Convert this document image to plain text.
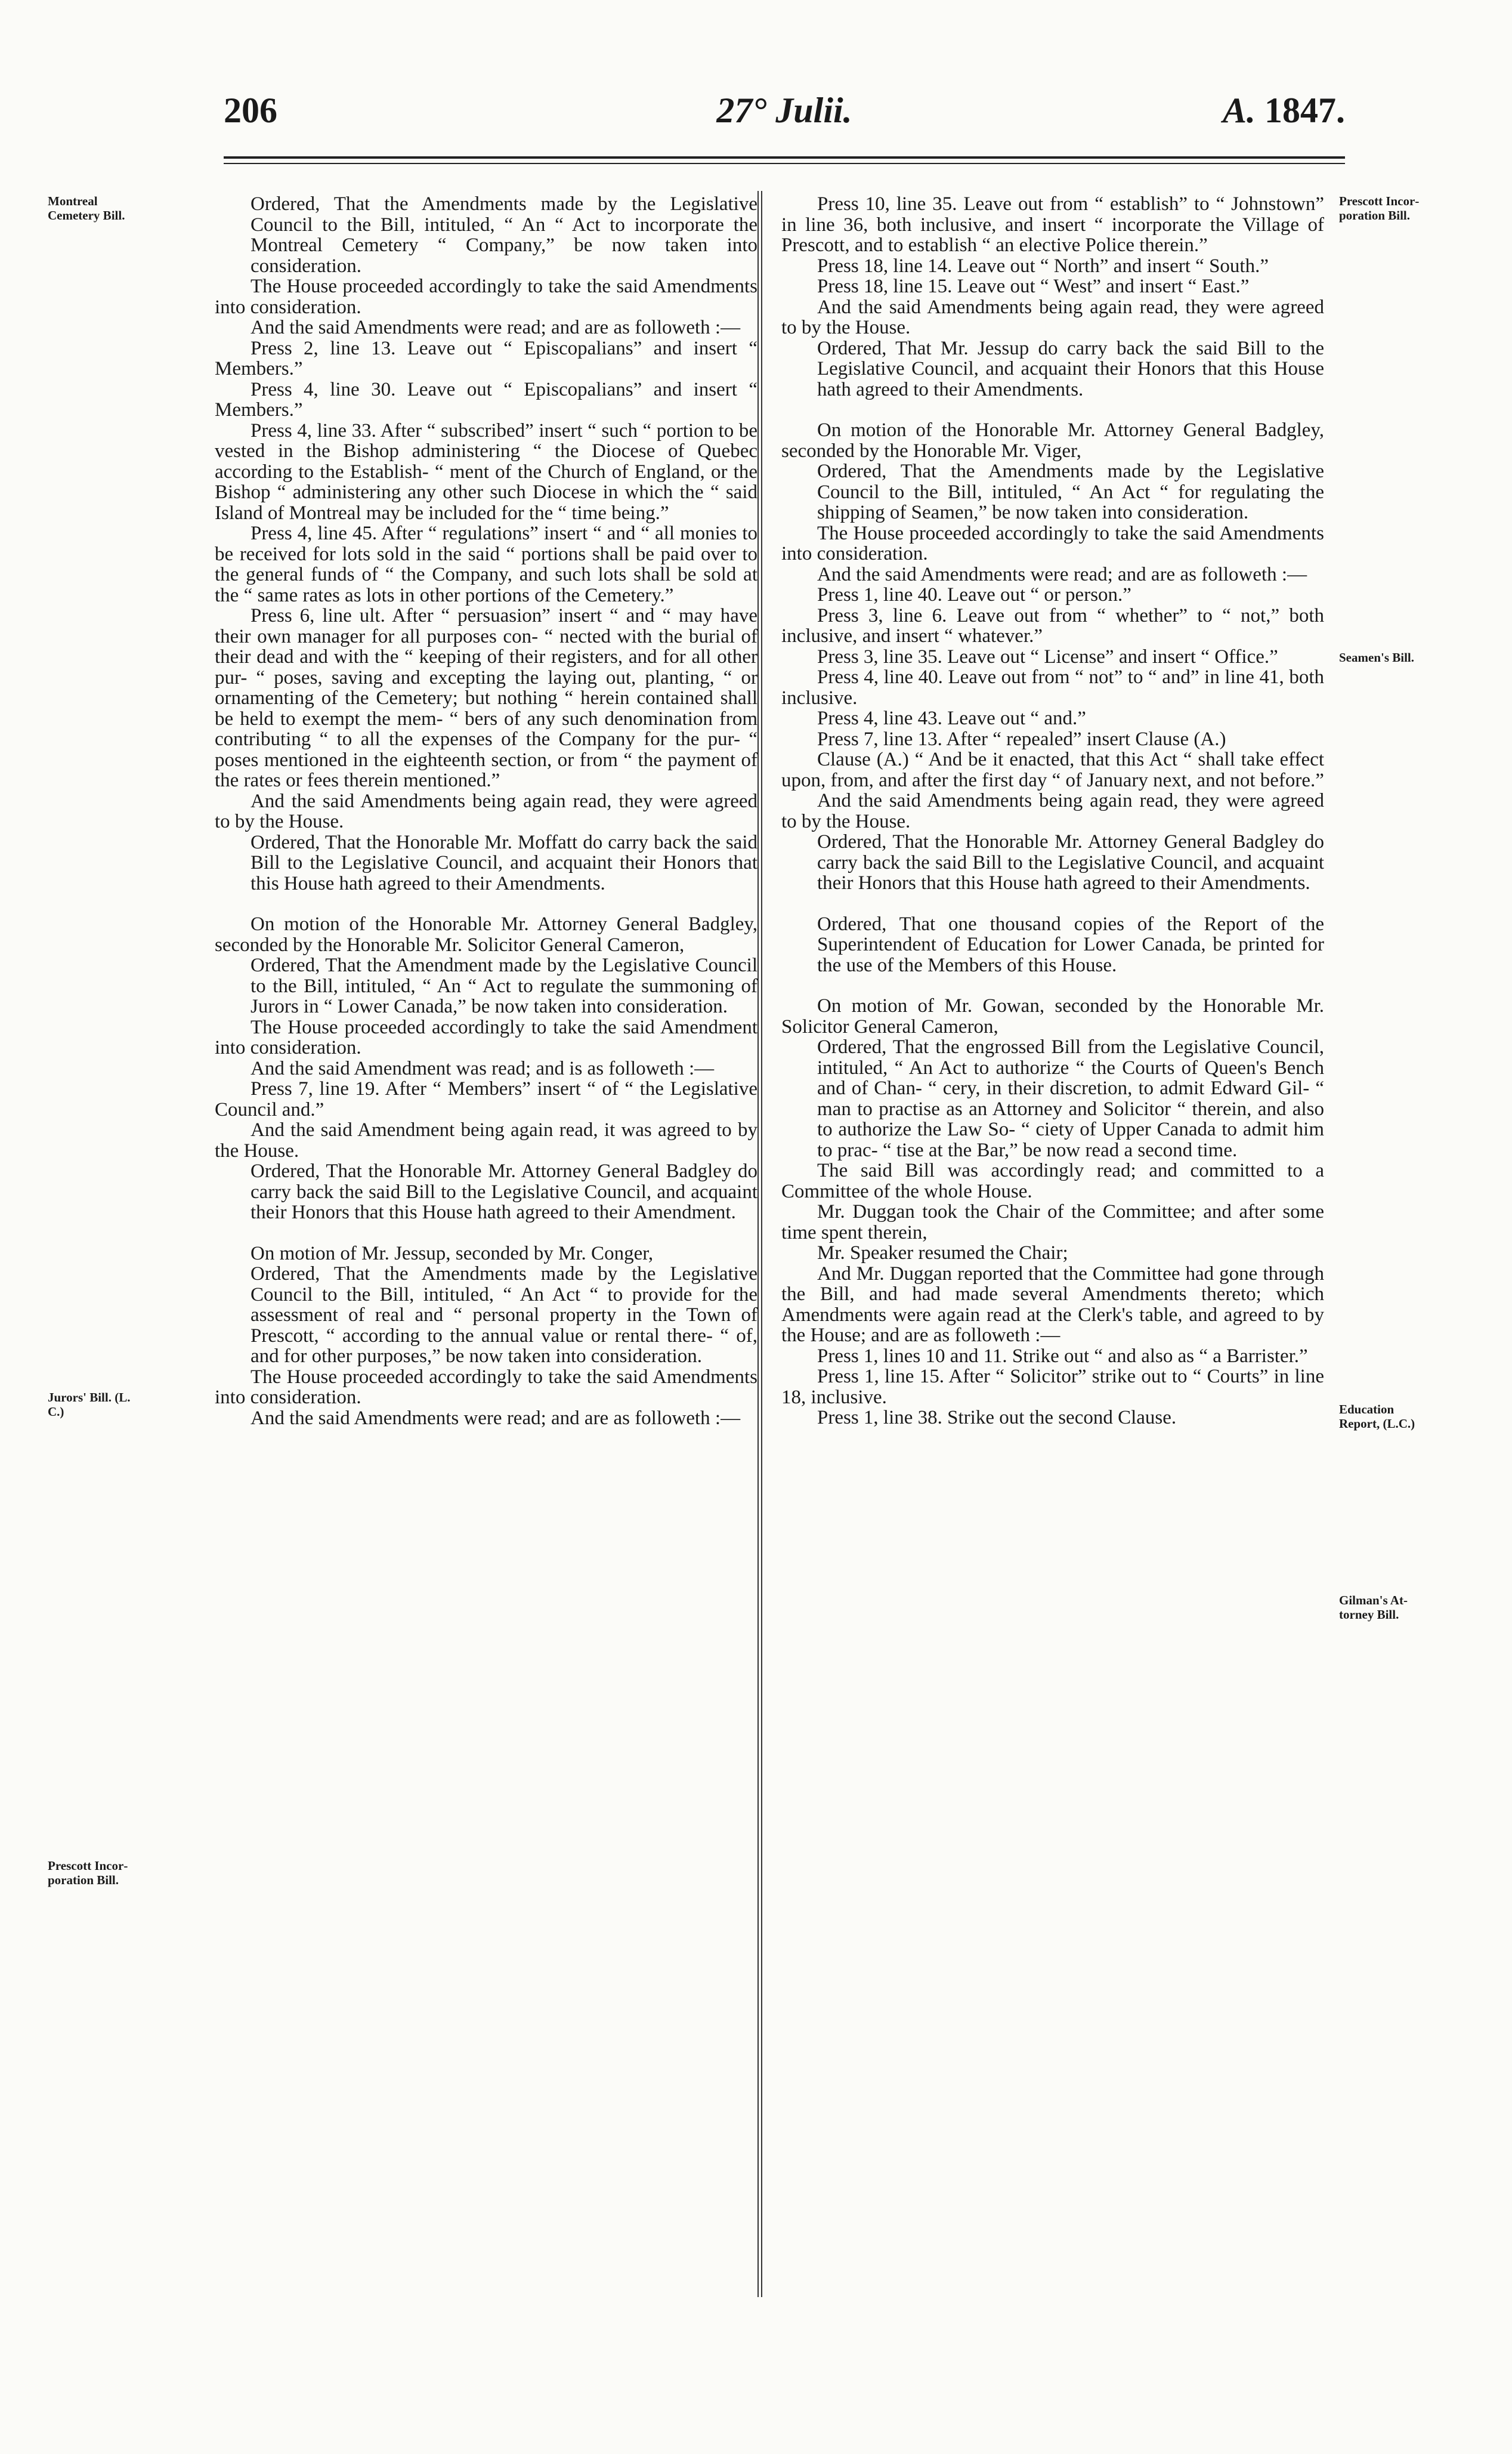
206	27° Julii.	A. 1847.
Montreal Cemetery Bill.
Jurors' Bill. (L. C.)
Prescott Incorporation Bill.
Prescott Incorporation Bill.
Seamen's Bill.
Education Report, (L.C.)
Gilman's Attorney Bill.

Ordered, That the Amendments made by the Legislative Council to the Bill, intituled, “ An “ Act to incorporate the Montreal Cemetery “ Company,” be now taken into consideration.

The House proceeded accordingly to take the said Amendments into consideration.

And the said Amendments were read; and are as followeth :—

Press 2, line 13. Leave out “ Episcopalians” and insert “ Members.”

Press 4, line 30. Leave out “ Episcopalians” and insert “ Members.”

Press 4, line 33. After “ subscribed” insert “ such “ portion to be vested in the Bishop administering “ the Diocese of Quebec according to the Establish- “ ment of the Church of England, or the Bishop “ administering any other such Diocese in which the “ said Island of Montreal may be included for the “ time being.”

Press 4, line 45. After “ regulations” insert “ and “ all monies to be received for lots sold in the said “ portions shall be paid over to the general funds of “ the Company, and such lots shall be sold at the “ same rates as lots in other portions of the Cemetery.”

Press 6, line ult. After “ persuasion” insert “ and “ may have their own manager for all purposes con- “ nected with the burial of their dead and with the “ keeping of their registers, and for all other pur- “ poses, saving and excepting the laying out, planting, “ or ornamenting of the Cemetery; but nothing “ herein contained shall be held to exempt the mem- “ bers of any such denomination from contributing “ to all the expenses of the Company for the pur- “ poses mentioned in the eighteenth section, or from “ the payment of the rates or fees therein mentioned.”

And the said Amendments being again read, they were agreed to by the House.

Ordered, That the Honorable Mr. Moffatt do carry back the said Bill to the Legislative Council, and acquaint their Honors that this House hath agreed to their Amendments.

On motion of the Honorable Mr. Attorney General Badgley, seconded by the Honorable Mr. Solicitor General Cameron,

Ordered, That the Amendment made by the Legislative Council to the Bill, intituled, “ An “ Act to regulate the summoning of Jurors in “ Lower Canada,” be now taken into consideration.

The House proceeded accordingly to take the said Amendment into consideration.

And the said Amendment was read; and is as followeth :—

Press 7, line 19. After “ Members” insert “ of “ the Legislative Council and.”

And the said Amendment being again read, it was agreed to by the House.

Ordered, That the Honorable Mr. Attorney General Badgley do carry back the said Bill to the Legislative Council, and acquaint their Honors that this House hath agreed to their Amendment.

On motion of Mr. Jessup, seconded by Mr. Conger,

Ordered, That the Amendments made by the Legislative Council to the Bill, intituled, “ An Act “ to provide for the assessment of real and “ personal property in the Town of Prescott, “ according to the annual value or rental there- “ of, and for other purposes,” be now taken into consideration.

The House proceeded accordingly to take the said Amendments into consideration.

And the said Amendments were read; and are as followeth :—

Press 10, line 35. Leave out from “ establish” to “ Johnstown” in line 36, both inclusive, and insert “ incorporate the Village of Prescott, and to establish “ an elective Police therein.”

Press 18, line 14. Leave out “ North” and insert “ South.”

Press 18, line 15. Leave out “ West” and insert “ East.”

And the said Amendments being again read, they were agreed to by the House.

Ordered, That Mr. Jessup do carry back the said Bill to the Legislative Council, and acquaint their Honors that this House hath agreed to their Amendments.

On motion of the Honorable Mr. Attorney General Badgley, seconded by the Honorable Mr. Viger,

Ordered, That the Amendments made by the Legislative Council to the Bill, intituled, “ An Act “ for regulating the shipping of Seamen,” be now taken into consideration.

The House proceeded accordingly to take the said Amendments into consideration.

And the said Amendments were read; and are as followeth :—

Press 1, line 40. Leave out “ or person.”

Press 3, line 6. Leave out from “ whether” to “ not,” both inclusive, and insert “ whatever.”

Press 3, line 35. Leave out “ License” and insert “ Office.”

Press 4, line 40. Leave out from “ not” to “ and” in line 41, both inclusive.

Press 4, line 43. Leave out “ and.”

Press 7, line 13. After “ repealed” insert Clause (A.)

Clause (A.) “ And be it enacted, that this Act “ shall take effect upon, from, and after the first day “ of January next, and not before.”

And the said Amendments being again read, they were agreed to by the House.

Ordered, That the Honorable Mr. Attorney General Badgley do carry back the said Bill to the Legislative Council, and acquaint their Honors that this House hath agreed to their Amendments.

Ordered, That one thousand copies of the Report of the Superintendent of Education for Lower Canada, be printed for the use of the Members of this House.

On motion of Mr. Gowan, seconded by the Honorable Mr. Solicitor General Cameron,

Ordered, That the engrossed Bill from the Legislative Council, intituled, “ An Act to authorize “ the Courts of Queen's Bench and of Chan- “ cery, in their discretion, to admit Edward Gil- “ man to practise as an Attorney and Solicitor “ therein, and also to authorize the Law So- “ ciety of Upper Canada to admit him to prac- “ tise at the Bar,” be now read a second time.

The said Bill was accordingly read; and committed to a Committee of the whole House.

Mr. Duggan took the Chair of the Committee; and after some time spent therein,

Mr. Speaker resumed the Chair;

And Mr. Duggan reported that the Committee had gone through the Bill, and had made several Amendments thereto; which Amendments were again read at the Clerk's table, and agreed to by the House; and are as followeth :—

Press 1, lines 10 and 11. Strike out “ and also as “ a Barrister.”

Press 1, line 15. After “ Solicitor” strike out to “ Courts” in line 18, inclusive.

Press 1, line 38. Strike out the second Clause.
